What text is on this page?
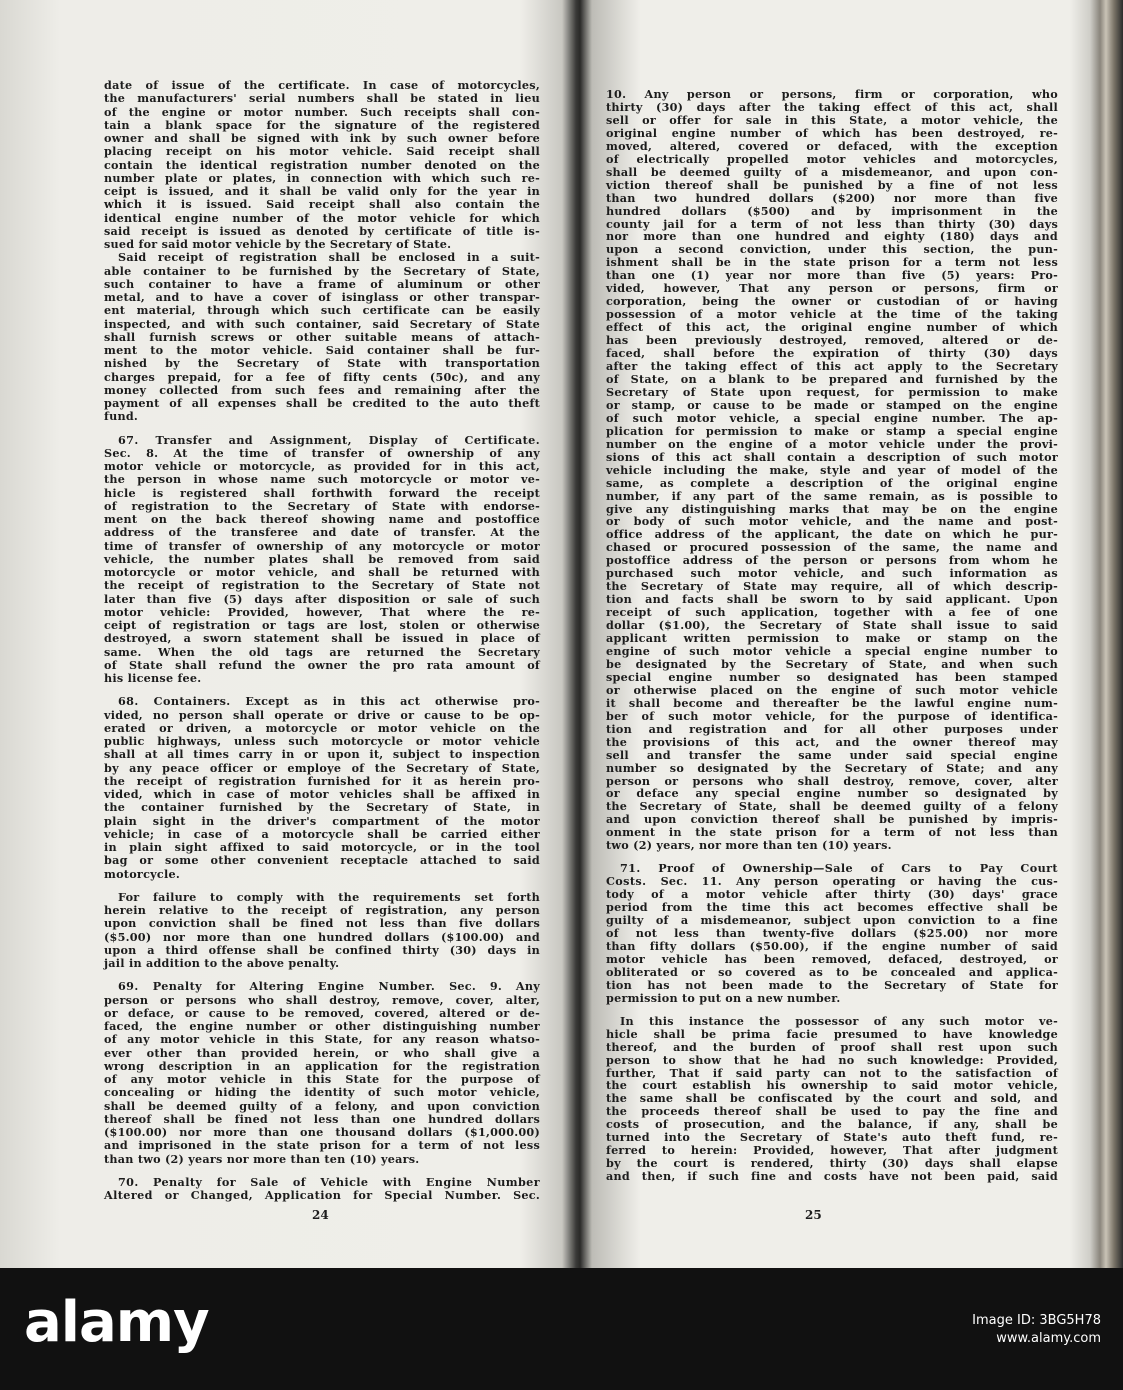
date of issue of the certificate. In case of motorcycles,
the manufacturers' serial numbers shall be stated in lieu
of the engine or motor number. Such receipts shall con-
tain a blank space for the signature of the registered
owner and shall be signed with ink by such owner before
placing receipt on his motor vehicle. Said receipt shall
contain the identical registration number denoted on the
number plate or plates, in connection with which such re-
ceipt is issued, and it shall be valid only for the year in
which it is issued. Said receipt shall also contain the
identical engine number of the motor vehicle for which
said receipt is issued as denoted by certificate of title is-
sued for said motor vehicle by the Secretary of State.
Said receipt of registration shall be enclosed in a suit-
able container to be furnished by the Secretary of State,
such container to have a frame of aluminum or other
metal, and to have a cover of isinglass or other transpar-
ent material, through which such certificate can be easily
inspected, and with such container, said Secretary of State
shall furnish screws or other suitable means of attach-
ment to the motor vehicle. Said container shall be fur-
nished by the Secretary of State with transportation
charges prepaid, for a fee of fifty cents (50c), and any
money collected from such fees and remaining after the
payment of all expenses shall be credited to the auto theft
fund.
67. Transfer and Assignment, Display of Certificate.
Sec. 8. At the time of transfer of ownership of any
motor vehicle or motorcycle, as provided for in this act,
the person in whose name such motorcycle or motor ve-
hicle is registered shall forthwith forward the receipt
of registration to the Secretary of State with endorse-
ment on the back thereof showing name and postoffice
address of the transferee and date of transfer. At the
time of transfer of ownership of any motorcycle or motor
vehicle, the number plates shall be removed from said
motorcycle or motor vehicle, and shall be returned with
the receipt of registration to the Secretary of State not
later than five (5) days after disposition or sale of such
motor vehicle: Provided, however, That where the re-
ceipt of registration or tags are lost, stolen or otherwise
destroyed, a sworn statement shall be issued in place of
same. When the old tags are returned the Secretary
of State shall refund the owner the pro rata amount of
his license fee.
68. Containers. Except as in this act otherwise pro-
vided, no person shall operate or drive or cause to be op-
erated or driven, a motorcycle or motor vehicle on the
public highways, unless such motorcycle or motor vehicle
shall at all times carry in or upon it, subject to inspection
by any peace officer or employe of the Secretary of State,
the receipt of registration furnished for it as herein pro-
vided, which in case of motor vehicles shall be affixed in
the container furnished by the Secretary of State, in
plain sight in the driver's compartment of the motor
vehicle; in case of a motorcycle shall be carried either
in plain sight affixed to said motorcycle, or in the tool
bag or some other convenient receptacle attached to said
motorcycle.
For failure to comply with the requirements set forth
herein relative to the receipt of registration, any person
upon conviction shall be fined not less than five dollars
($5.00) nor more than one hundred dollars ($100.00) and
upon a third offense shall be confined thirty (30) days in
jail in addition to the above penalty.
69. Penalty for Altering Engine Number. Sec. 9. Any
person or persons who shall destroy, remove, cover, alter,
or deface, or cause to be removed, covered, altered or de-
faced, the engine number or other distinguishing number
of any motor vehicle in this State, for any reason whatso-
ever other than provided herein, or who shall give a
wrong description in an application for the registration
of any motor vehicle in this State for the purpose of
concealing or hiding the identity of such motor vehicle,
shall be deemed guilty of a felony, and upon conviction
thereof shall be fined not less than one hundred dollars
($100.00) nor more than one thousand dollars ($1,000.00)
and imprisoned in the state prison for a term of not less
than two (2) years nor more than ten (10) years.
70. Penalty for Sale of Vehicle with Engine Number
Altered or Changed, Application for Special Number. Sec.
24
10. Any person or persons, firm or corporation, who
thirty (30) days after the taking effect of this act, shall
sell or offer for sale in this State, a motor vehicle, the
original engine number of which has been destroyed, re-
moved, altered, covered or defaced, with the exception
of electrically propelled motor vehicles and motorcycles,
shall be deemed guilty of a misdemeanor, and upon con-
viction thereof shall be punished by a fine of not less
than two hundred dollars ($200) nor more than five
hundred dollars ($500) and by imprisonment in the
county jail for a term of not less than thirty (30) days
nor more than one hundred and eighty (180) days and
upon a second conviction, under this section, the pun-
ishment shall be in the state prison for a term not less
than one (1) year nor more than five (5) years: Pro-
vided, however, That any person or persons, firm or
corporation, being the owner or custodian of or having
possession of a motor vehicle at the time of the taking
effect of this act, the original engine number of which
has been previously destroyed, removed, altered or de-
faced, shall before the expiration of thirty (30) days
after the taking effect of this act apply to the Secretary
of State, on a blank to be prepared and furnished by the
Secretary of State upon request, for permission to make
or stamp, or cause to be made or stamped on the engine
of such motor vehicle, a special engine number. The ap-
plication for permission to make or stamp a special engine
number on the engine of a motor vehicle under the provi-
sions of this act shall contain a description of such motor
vehicle including the make, style and year of model of the
same, as complete a description of the original engine
number, if any part of the same remain, as is possible to
give any distinguishing marks that may be on the engine
or body of such motor vehicle, and the name and post-
office address of the applicant, the date on which he pur-
chased or procured possession of the same, the name and
postoffice address of the person or persons from whom he
purchased such motor vehicle, and such information as
the Secretary of State may require, all of which descrip-
tion and facts shall be sworn to by said applicant. Upon
receipt of such application, together with a fee of one
dollar ($1.00), the Secretary of State shall issue to said
applicant written permission to make or stamp on the
engine of such motor vehicle a special engine number to
be designated by the Secretary of State, and when such
special engine number so designated has been stamped
or otherwise placed on the engine of such motor vehicle
it shall become and thereafter be the lawful engine num-
ber of such motor vehicle, for the purpose of identifica-
tion and registration and for all other purposes under
the provisions of this act, and the owner thereof may
sell and transfer the same under said special engine
number so designated by the Secretary of State; and any
person or persons who shall destroy, remove, cover, alter
or deface any special engine number so designated by
the Secretary of State, shall be deemed guilty of a felony
and upon conviction thereof shall be punished by impris-
onment in the state prison for a term of not less than
two (2) years, nor more than ten (10) years.
71. Proof of Ownership—Sale of Cars to Pay Court
Costs. Sec. 11. Any person operating or having the cus-
tody of a motor vehicle after thirty (30) days' grace
period from the time this act becomes effective shall be
guilty of a misdemeanor, subject upon conviction to a fine
of not less than twenty-five dollars ($25.00) nor more
than fifty dollars ($50.00), if the engine number of said
motor vehicle has been removed, defaced, destroyed, or
obliterated or so covered as to be concealed and applica-
tion has not been made to the Secretary of State for
permission to put on a new number.
In this instance the possessor of any such motor ve-
hicle shall be prima facie presumed to have knowledge
thereof, and the burden of proof shall rest upon such
person to show that he had no such knowledge: Provided,
further, That if said party can not to the satisfaction of
the court establish his ownership to said motor vehicle,
the same shall be confiscated by the court and sold, and
the proceeds thereof shall be used to pay the fine and
costs of prosecution, and the balance, if any, shall be
turned into the Secretary of State's auto theft fund, re-
ferred to herein: Provided, however, That after judgment
by the court is rendered, thirty (30) days shall elapse
and then, if such fine and costs have not been paid, said
25
alamy	Image ID: 3BG5H78
www.alamy.com
